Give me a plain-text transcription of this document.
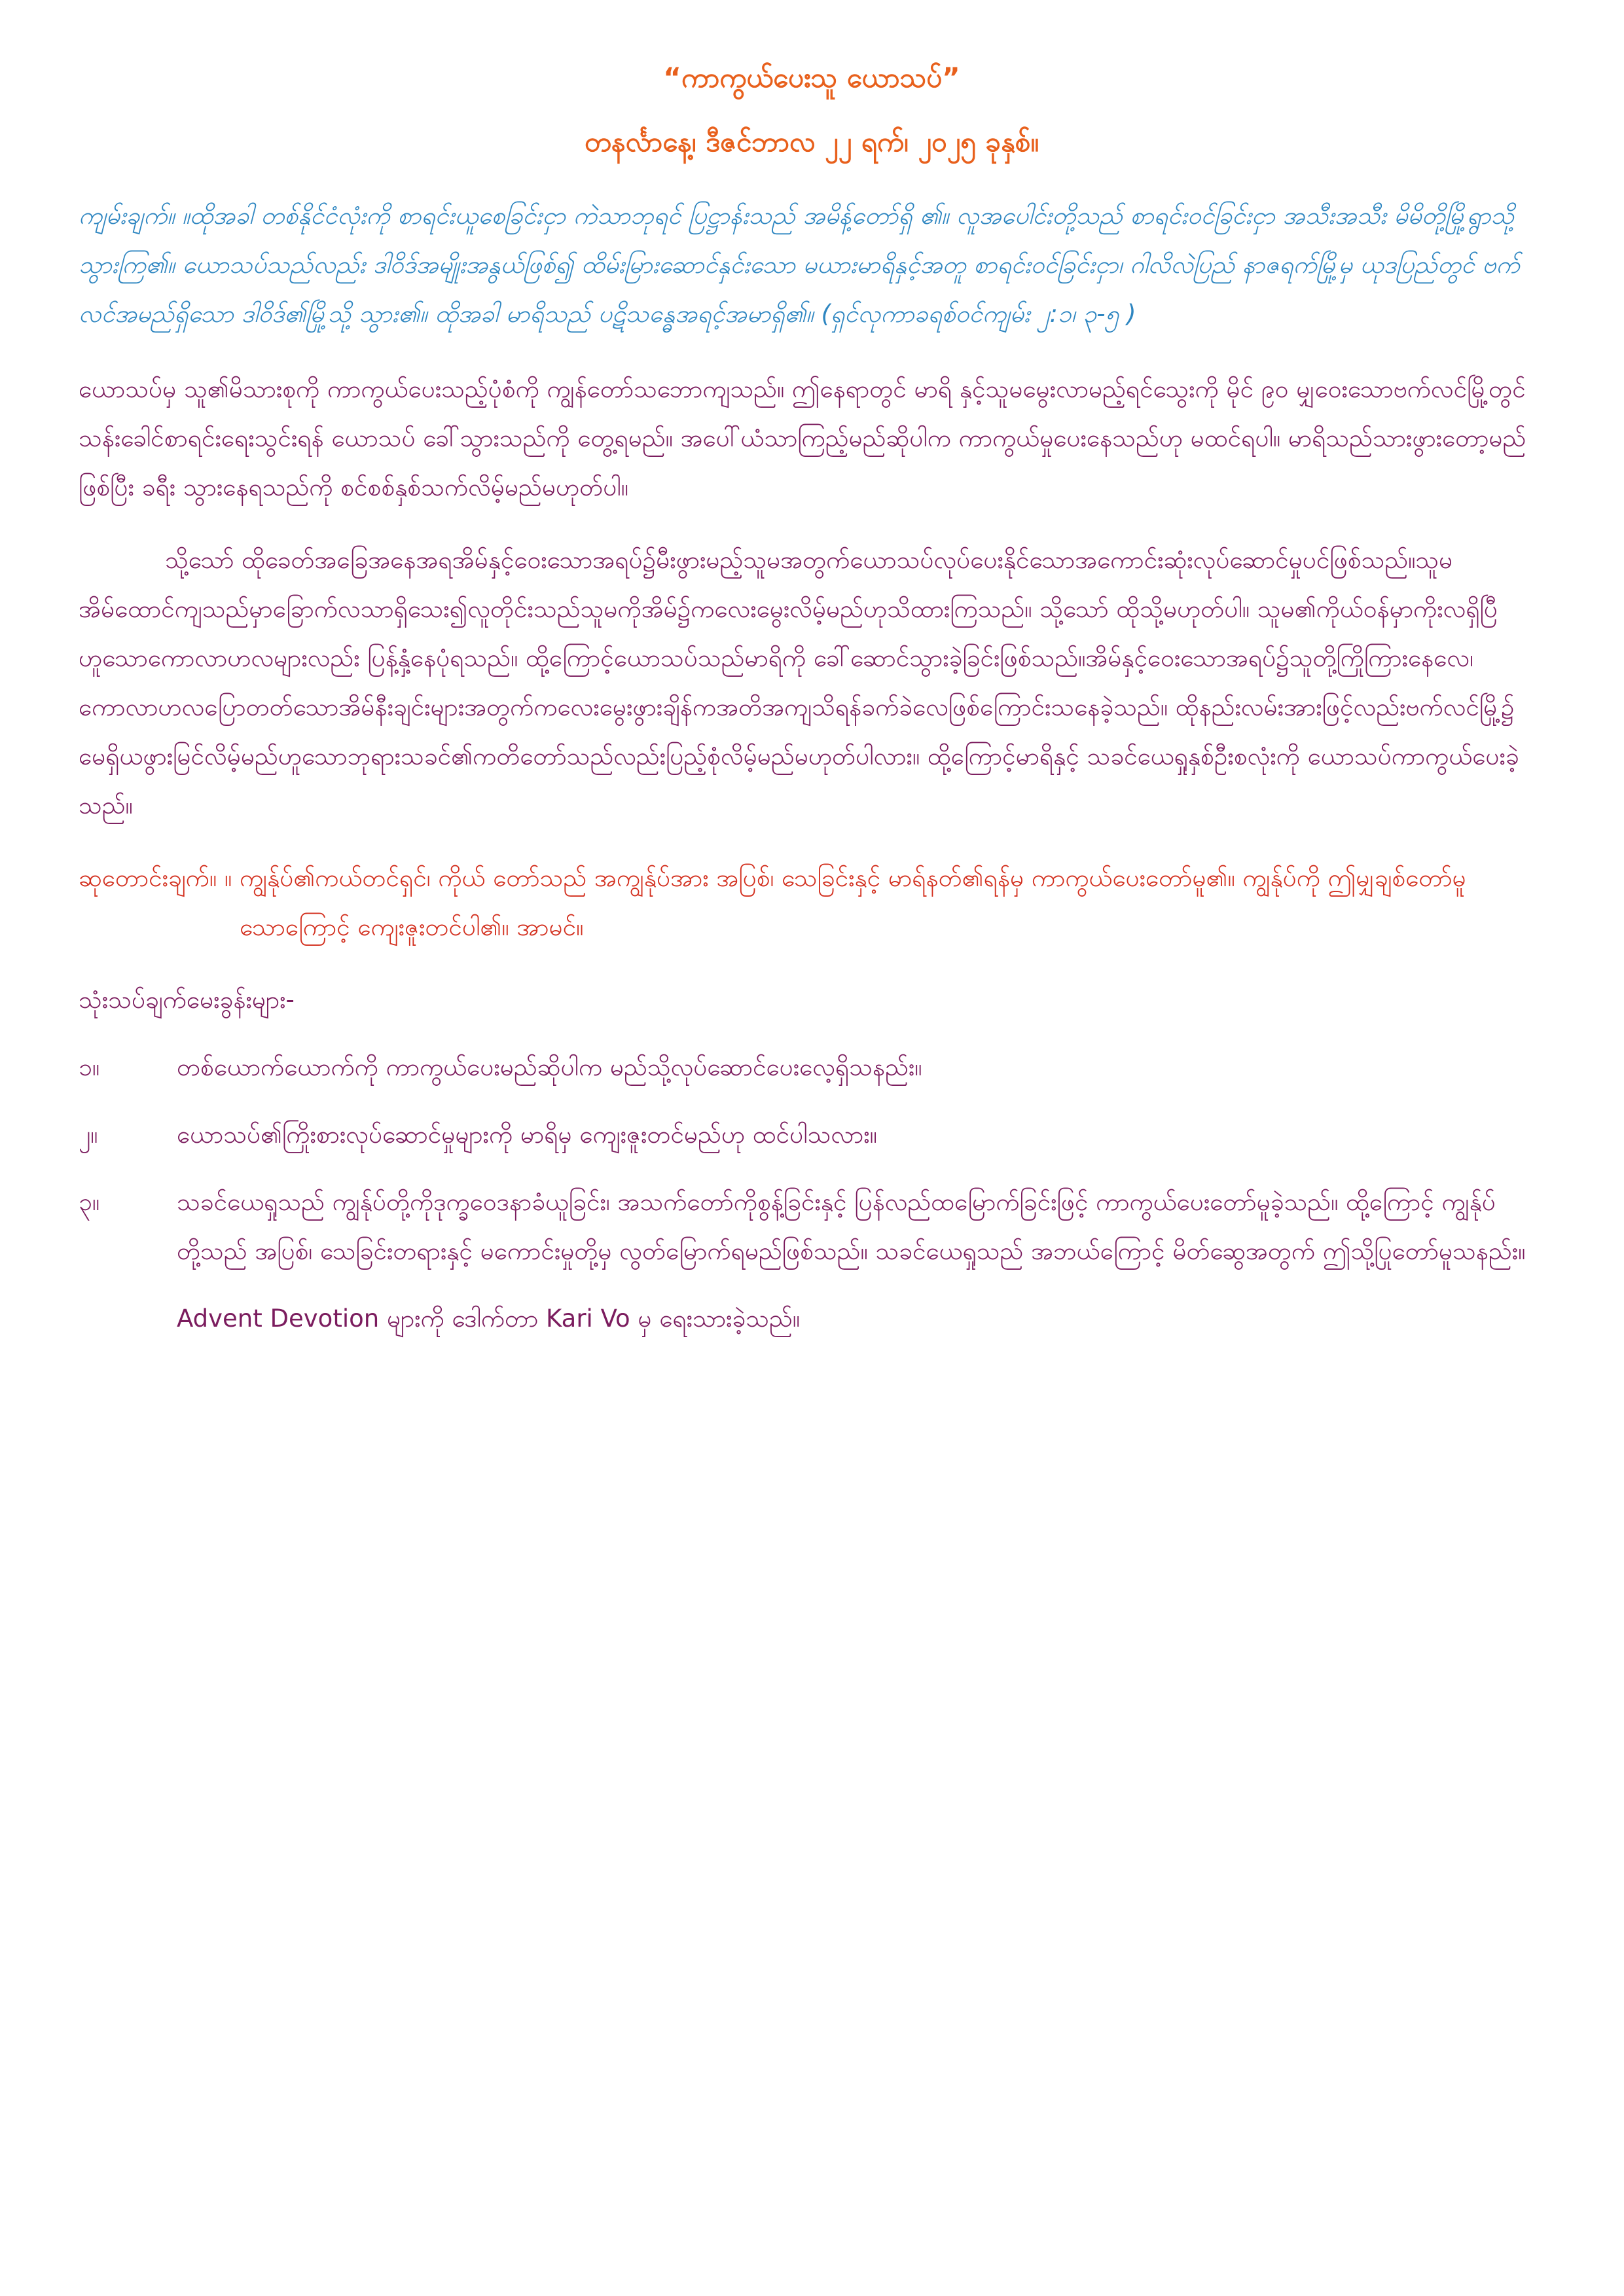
“ကာကွယ်ပေးသူ ယောသပ်”
တနင်္လာနေ့၊ ဒီဇင်ဘာလ ၂၂ ရက်၊ ၂၀၂၅ ခုနှစ်။

ကျမ်းချက်။ ။ထိုအခါ တစ်နိုင်ငံလုံးကို စာရင်းယူစေခြင်းငှာ ကဲသာဘုရင် ပြဋ္ဌာန်းသည် အမိန့်တော်ရှိ ၏။ လူအပေါင်းတို့သည် စာရင်းဝင်ခြင်းငှာ အသီးအသီး မိမိတို့မြို့ရွာသို့ သွားကြ၏။ ယောသပ်သည်လည်း ဒါဝိဒ်အမျိုးအနွယ်ဖြစ်၍ ထိမ်းမြားဆောင်နှင်းသော မယားမာရိနှင့်အတူ စာရင်းဝင်ခြင်းငှာ၊ ဂါလိလဲပြည် နာဇရက်မြို့မှ ယုဒပြည်တွင် ဗက်လင်အမည်ရှိသော ဒါဝိဒ်၏မြို့သို့ သွား၏။ ထိုအခါ မာရိသည် ပဋိသန္ဓေအရင့်အမာရှိ၏။ (ရှင်လုကာခရစ်ဝင်ကျမ်း ၂:၁၊ ၃-၅ )

ယောသပ်မှ သူ၏မိသားစုကို ကာကွယ်ပေးသည့်ပုံစံကို ကျွန်တော်သဘောကျသည်။ ဤနေရာတွင် မာရိ နှင့်သူမမွေးလာမည့်ရင်သွေးကို မိုင် ၉၀ မျှဝေးသောဗက်လင်မြို့တွင် သန်းခေါင်စာရင်းရေးသွင်းရန် ယောသပ် ခေါ်သွားသည်ကို တွေ့ရမည်။ အပေါ်ယံသာကြည့်မည်ဆိုပါက ကာကွယ်မှုပေးနေသည်ဟု မထင်ရပါ။ မာရိသည်သားဖွားတော့မည်ဖြစ်ပြီး ခရီး သွားနေရသည်ကို စင်စစ်နှစ်သက်လိမ့်မည်မဟုတ်ပါ။

သို့သော် ထိုခေတ်အခြေအနေအရအိမ်နှင့်ဝေးသောအရပ်၌မီးဖွားမည့်သူမအတွက်ယောသပ်လုပ်ပေးနိုင်သောအကောင်းဆုံးလုပ်ဆောင်မှုပင်ဖြစ်သည်။သူမအိမ်ထောင်ကျသည်မှာခြောက်လသာရှိသေး၍လူတိုင်းသည်သူမကိုအိမ်၌ကလေးမွေးလိမ့်မည်ဟုသိထားကြသည်။ သို့သော် ထိုသို့မဟုတ်ပါ။ သူမ၏ကိုယ်ဝန်မှာကိုးလရှိပြီဟူသောကောလာဟလများလည်း ပြန့်နှံ့နေပုံရသည်။ ထို့ကြောင့်ယောသပ်သည်မာရိကို ခေါ်ဆောင်သွားခဲ့ခြင်းဖြစ်သည်။အိမ်နှင့်ဝေးသောအရပ်၌သူတို့ကြိုကြားနေလေ၊ကောလာဟလပြောတတ်သောအိမ်နီးချင်းများအတွက်ကလေးမွေးဖွားချိန်ကအတိအကျသိရန်ခက်ခဲလေဖြစ်ကြောင်းသနေခဲ့သည်။ ထိုနည်းလမ်းအားဖြင့်လည်းဗက်လင်မြို့၌ မေရှိယဖွားမြင်လိမ့်မည်ဟူသောဘုရားသခင်၏ကတိတော်သည်လည်းပြည့်စုံလိမ့်မည်မဟုတ်ပါလား။ ထို့ကြောင့်မာရိနှင့် သခင်ယေရှုနှစ်ဦးစလုံးကို ယောသပ်ကာကွယ်ပေးခဲ့သည်။

ဆုတောင်းချက်။ ။ ကျွန်ုပ်၏ကယ်တင်ရှင်၊ ကိုယ် တော်သည် အကျွန်ုပ်အား အပြစ်၊ သေခြင်းနှင့် မာရ်နတ်၏ရန်မှ ကာကွယ်ပေးတော်မူ၏။ ကျွန်ုပ်ကို ဤမျှချစ်တော်မူသောကြောင့် ကျေးဇူးတင်ပါ၏။ အာမင်။

သုံးသပ်ချက်မေးခွန်းများ-

၁။	တစ်ယောက်ယောက်ကို ကာကွယ်ပေးမည်ဆိုပါက မည်သို့လုပ်ဆောင်ပေးလေ့ရှိသနည်း။
၂။	ယောသပ်၏ကြိုးစားလုပ်ဆောင်မှုများကို မာရိမှ ကျေးဇူးတင်မည်ဟု ထင်ပါသလား။
၃။	သခင်ယေရှုသည် ကျွန်ုပ်တို့ကိုဒုက္ခဝေဒနာခံယူခြင်း၊ အသက်တော်ကိုစွန့်ခြင်းနှင့် ပြန်လည်ထမြောက်ခြင်းဖြင့် ကာကွယ်ပေးတော်မူခဲ့သည်။ ထို့ကြောင့် ကျွန်ုပ်တို့သည် အပြစ်၊ သေခြင်းတရားနှင့် မကောင်းမှုတို့မှ လွတ်မြောက်ရမည်ဖြစ်သည်။ သခင်ယေရှုသည် အဘယ်ကြောင့် မိတ်ဆွေအတွက် ဤသို့ပြုတော်မူသနည်း။

Advent Devotion များကို ဒေါက်တာ Kari Vo မှ ရေးသားခဲ့သည်။
